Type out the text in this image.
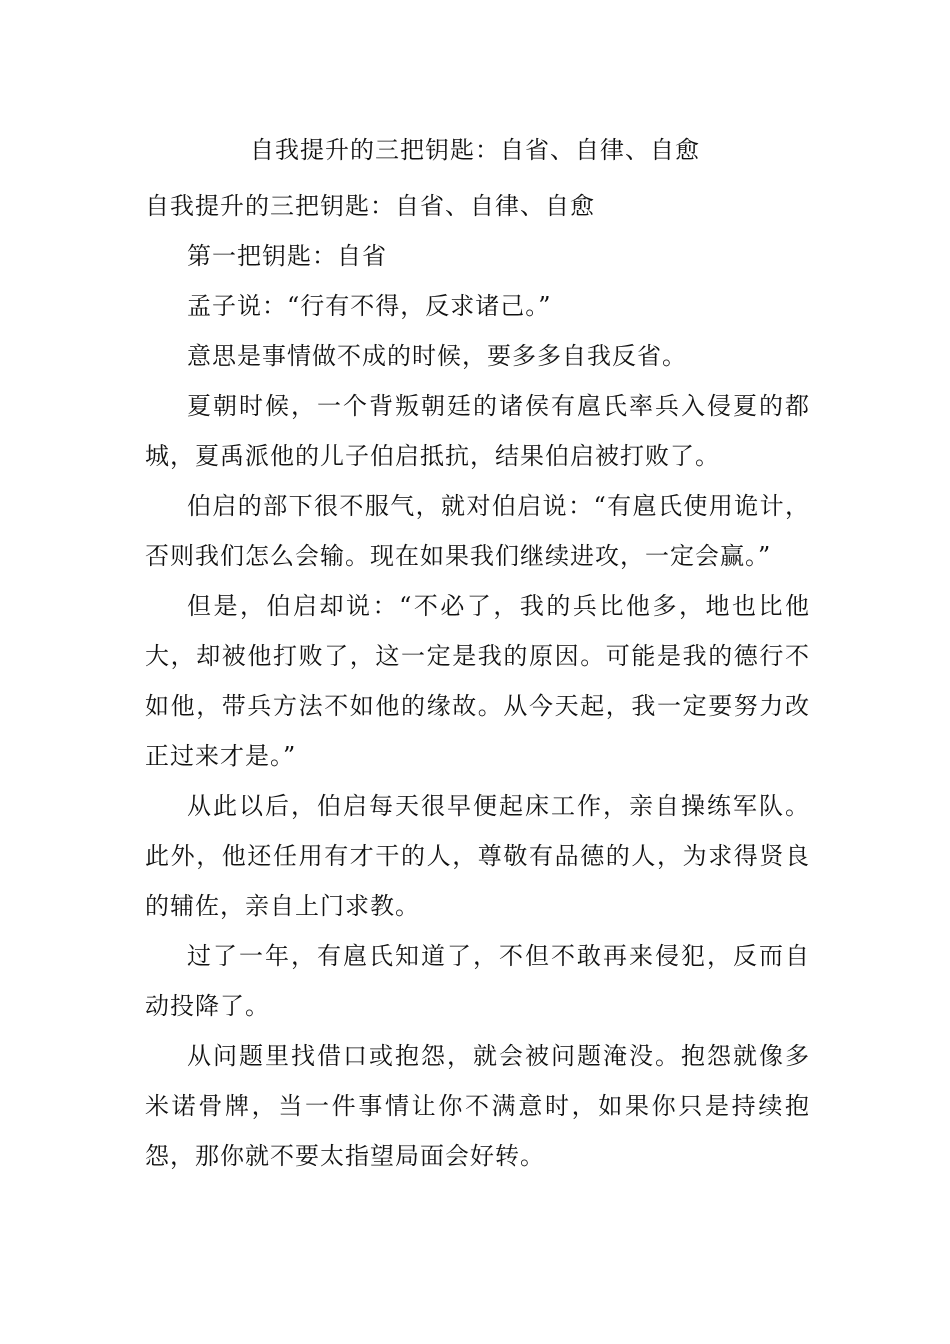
自我提升的三把钥匙：自省、自律、自愈

自我提升的三把钥匙：自省、自律、自愈

第一把钥匙：自省

孟子说：“行有不得，反求诸己。”

意思是事情做不成的时候，要多多自我反省。

夏朝时候，一个背叛朝廷的诸侯有扈氏率兵入侵夏的都城，夏禹派他的儿子伯启抵抗，结果伯启被打败了。

伯启的部下很不服气，就对伯启说：“有扈氏使用诡计，否则我们怎么会输。现在如果我们继续进攻，一定会赢。”

但是，伯启却说：“不必了，我的兵比他多，地也比他大，却被他打败了，这一定是我的原因。可能是我的德行不如他，带兵方法不如他的缘故。从今天起，我一定要努力改正过来才是。”

从此以后，伯启每天很早便起床工作，亲自操练军队。此外，他还任用有才干的人，尊敬有品德的人，为求得贤良的辅佐，亲自上门求教。

过了一年，有扈氏知道了，不但不敢再来侵犯，反而自动投降了。

从问题里找借口或抱怨，就会被问题淹没。抱怨就像多米诺骨牌，当一件事情让你不满意时，如果你只是持续抱怨，那你就不要太指望局面会好转。
